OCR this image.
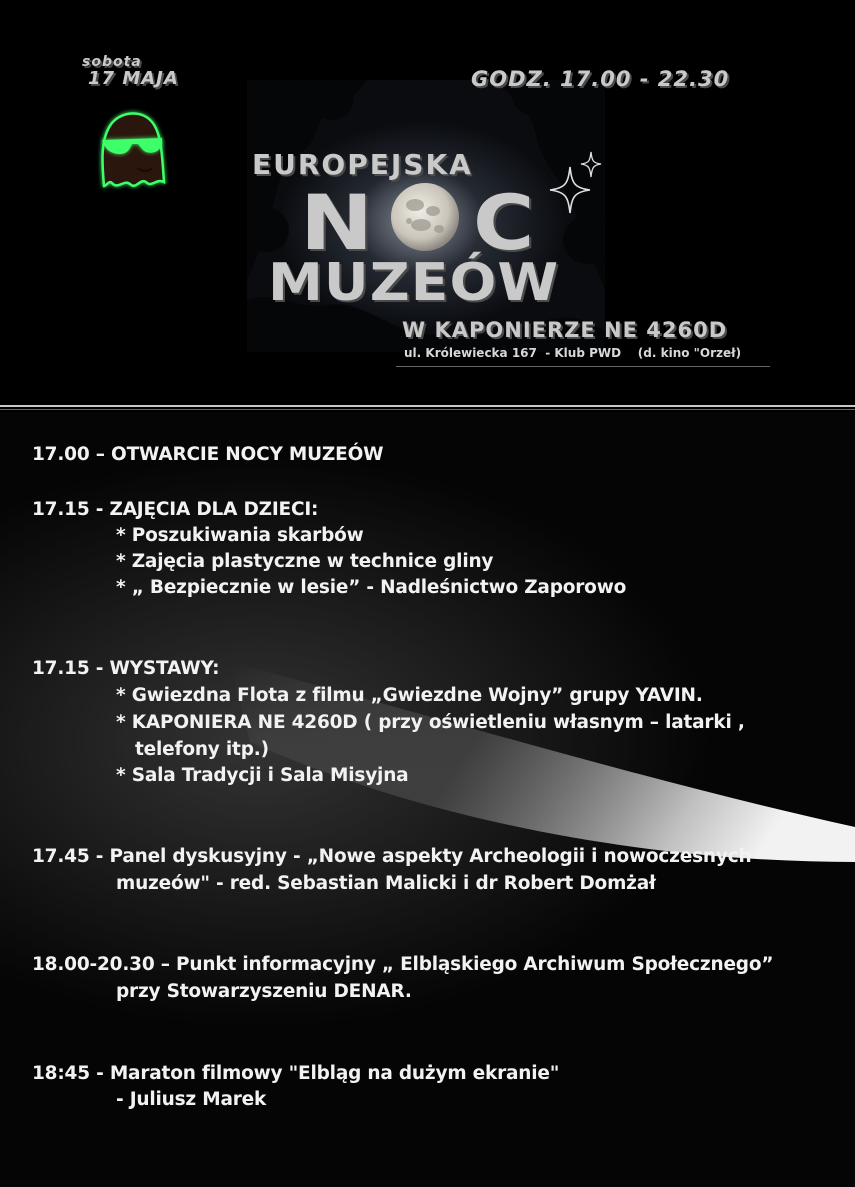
sobota
17 MAJA	GODZ. 17.00 - 22.30
EUROPEJSKA
N C
MUZEÓW
W KAPONIERZE NE 4260D
ul. Królewiecka 167  - Klub PWD    (d. kino "Orzeł)
17.00 – OTWARCIE NOCY MUZEÓW
17.15 - ZAJĘCIA DLA DZIECI:
* Poszukiwania skarbów
* Zajęcia plastyczne w technice gliny
* „ Bezpiecznie w lesie” - Nadleśnictwo Zaporowo
17.15 - WYSTAWY:
* Gwiezdna Flota z filmu „Gwiezdne Wojny” grupy YAVIN.
* KAPONIERA NE 4260D ( przy oświetleniu własnym – latarki ,
telefony itp.)
* Sala Tradycji i Sala Misyjna
17.45 - Panel dyskusyjny - „Nowe aspekty Archeologii i nowoczesnych
muzeów" - red. Sebastian Malicki i dr Robert Domżał
18.00-20.30 – Punkt informacyjny „ Elbląskiego Archiwum Społecznego”
przy Stowarzyszeniu DENAR.
18:45 - Maraton filmowy "Elbląg na dużym ekranie"
- Juliusz Marek
